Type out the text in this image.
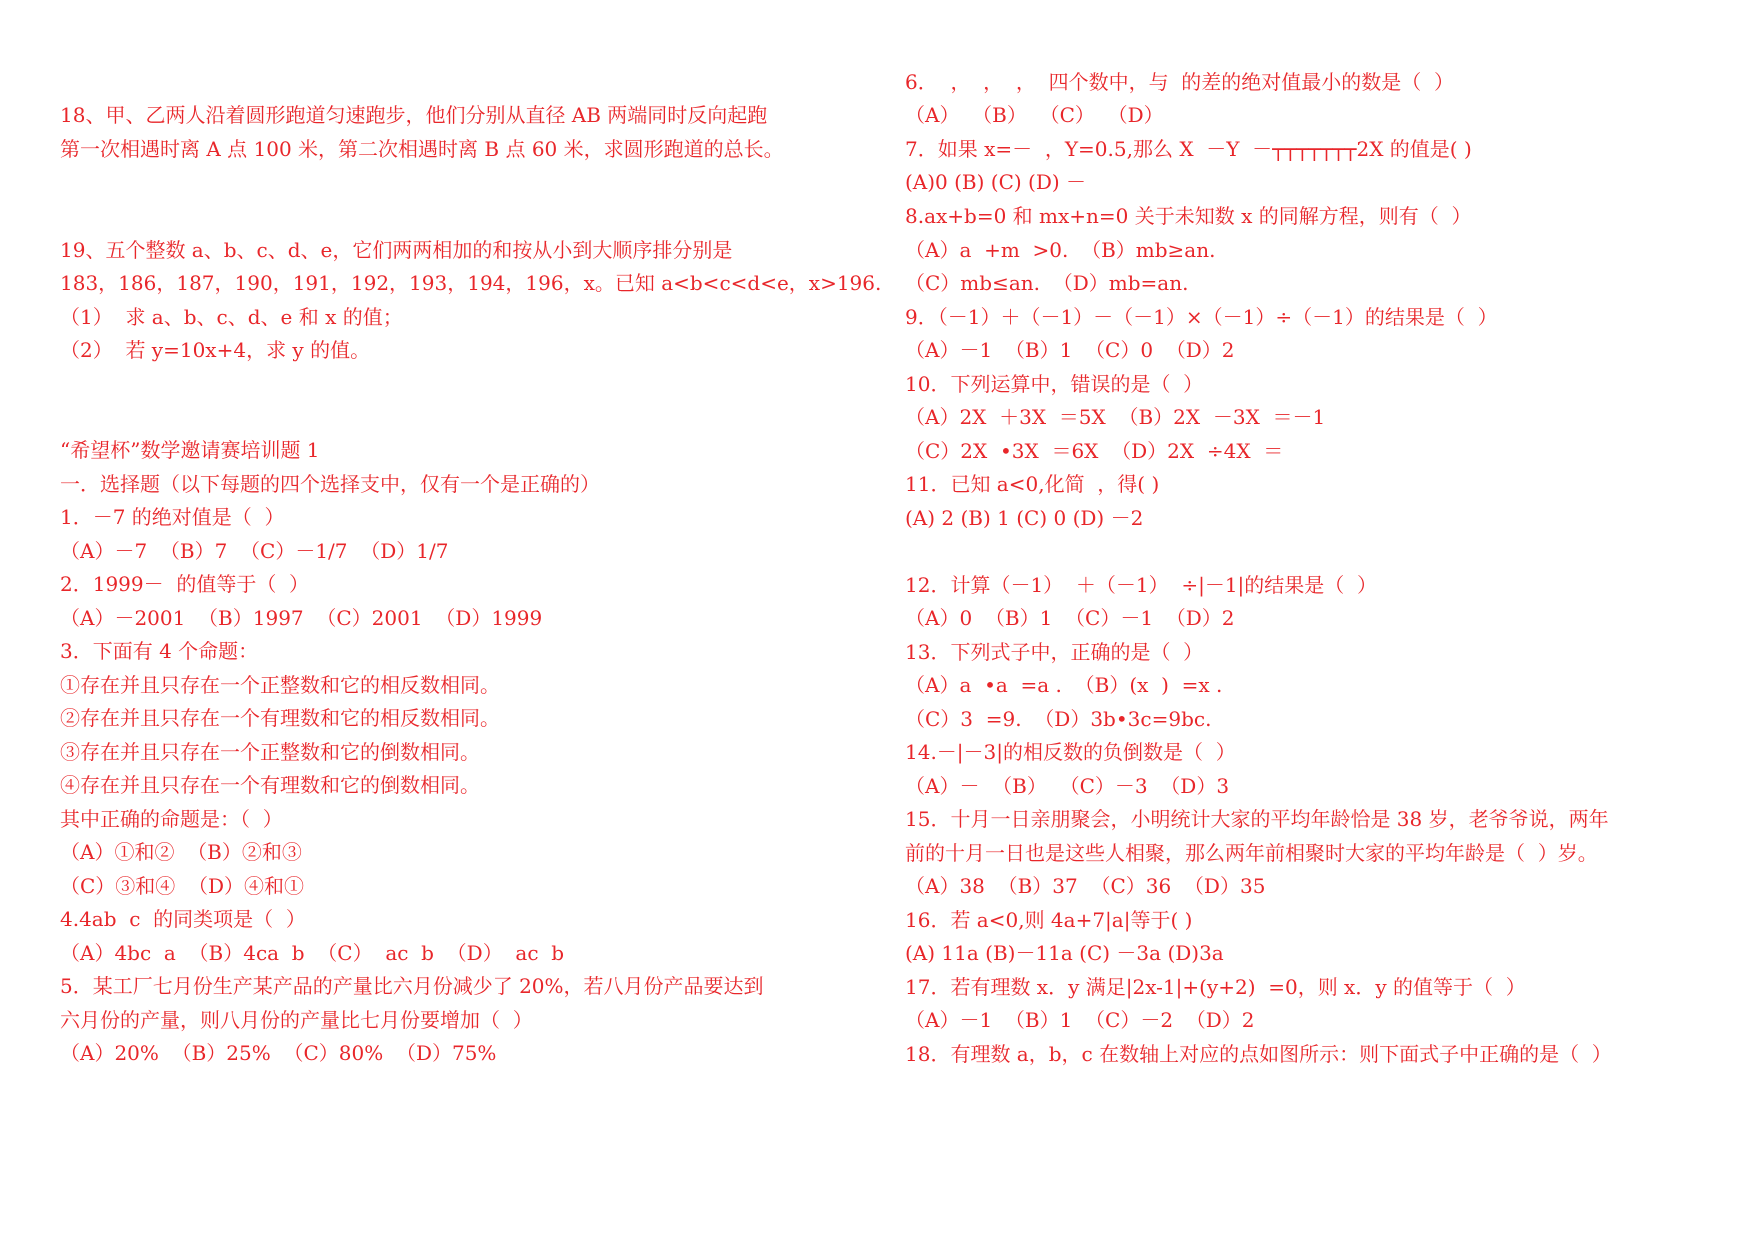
18、甲、乙两人沿着圆形跑道匀速跑步，他们分别从直径 AB 两端同时反向起跑
第一次相遇时离 A 点 100 米，第二次相遇时离 B 点 60 米，求圆形跑道的总长。
19、五个整数 a、b、c、d、e，它们两两相加的和按从小到大顺序排分别是
183，186，187，190，191，192，193，194，196，x。已知 a<b<c<d<e，x>196.
（1）  求 a、b、c、d、e 和 x 的值；
（2）  若 y=10x+4，求 y 的值。
“希望杯”数学邀请赛培训题 1
一．选择题（以下每题的四个选择支中，仅有一个是正确的）
1．－7 的绝对值是（  ）
（A）－7  （B）7  （C）－1/7  （D）1/7
2．1999－  的值等于（  ）
（A）－2001  （B）1997  （C）2001  （D）1999
3．下面有 4 个命题：
①存在并且只存在一个正整数和它的相反数相同。
②存在并且只存在一个有理数和它的相反数相同。
③存在并且只存在一个正整数和它的倒数相同。
④存在并且只存在一个有理数和它的倒数相同。
其中正确的命题是：（  ）
（A）①和②  （B）②和③
（C）③和④  （D）④和①
4.4ab  c  的同类项是（  ）
（A）4bc  a  （B）4ca  b  （C）  ac  b  （D）  ac  b
5．某工厂七月份生产某产品的产量比六月份减少了 20%，若八月份产品要达到
六月份的产量，则八月份的产量比七月份要增加（  ）
（A）20%  （B）25%  （C）80%  （D）75%
6．  ，  ，  ，  四个数中，与  的差的绝对值最小的数是（  ）
（A）  （B）  （C）  （D）
7．如果 x=－  ，Y=0.5,那么 X  －Y  －┬┬┬┬┬┬┬2X 的值是( )
(A)0 (B) (C) (D) －
8.ax+b=0 和 mx+n=0 关于未知数 x 的同解方程，则有（  ）
（A）a  +m  >0.  （B）mb≥an.
（C）mb≤an.  （D）mb=an.
9．（－1）＋（－1）－（－1）×（－1）÷（－1）的结果是（  ）
（A）－1  （B）1  （C）0  （D）2
10．下列运算中，错误的是（  ）
（A）2X  ＋3X  ＝5X  （B）2X  －3X  ＝－1
（C）2X  •3X  ＝6X  （D）2X  ÷4X  ＝
11．已知 a<0,化简  ，得( )
(A) 2 (B) 1 (C) 0 (D) －2
12．计算（－1）  ＋（－1）  ÷|－1|的结果是（  ）
（A）0  （B）1  （C）－1  （D）2
13．下列式子中，正确的是（  ）
（A）a  •a  =a .  （B）(x  )  =x .
（C）3  =9.  （D）3b•3c=9bc.
14.－|－3|的相反数的负倒数是（  ）
（A）－  （B）  （C）－3  （D）3
15．十月一日亲朋聚会，小明统计大家的平均年龄恰是 38 岁，老爷爷说，两年
前的十月一日也是这些人相聚，那么两年前相聚时大家的平均年龄是（  ）岁。
（A）38  （B）37  （C）36  （D）35
16．若 a<0,则 4a+7|a|等于( )
(A) 11a (B)－11a (C) －3a (D)3a
17．若有理数 x．y 满足|2x-1|+(y+2)  =0，则 x．y 的值等于（  ）
（A）－1  （B）1  （C）－2  （D）2
18．有理数 a，b，c 在数轴上对应的点如图所示：则下面式子中正确的是（  ）
